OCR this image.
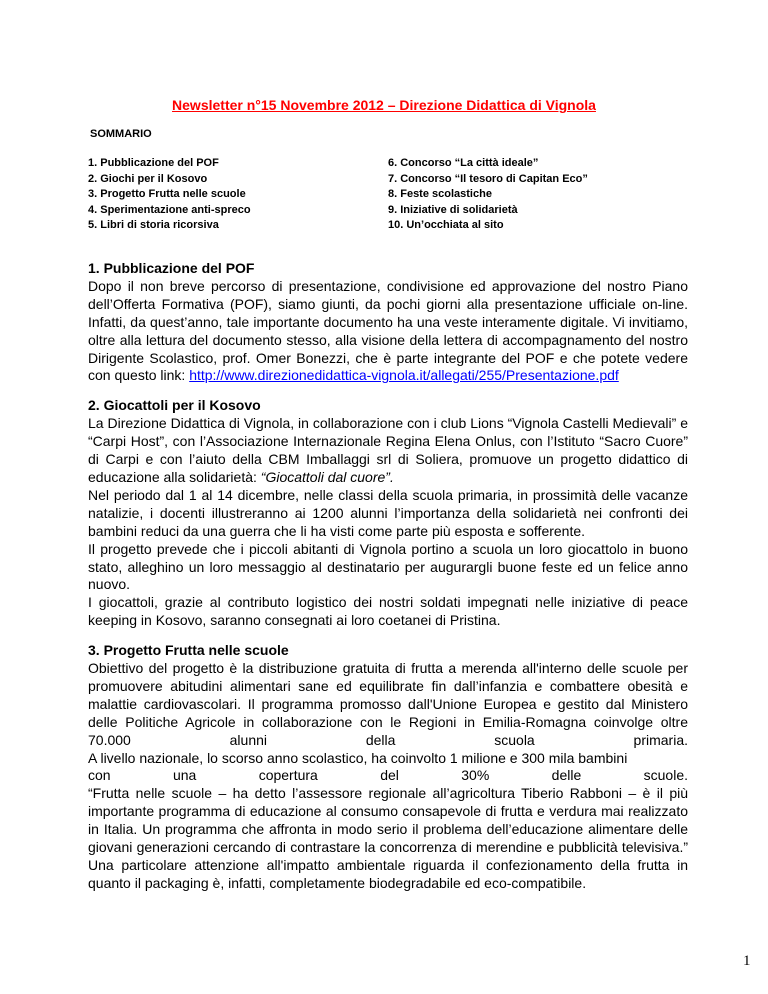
Newsletter n°15 Novembre 2012 – Direzione Didattica di Vignola
SOMMARIO
1. Pubblicazione del POF
2. Giochi per il Kosovo
3. Progetto Frutta nelle scuole
4. Sperimentazione anti-spreco
5. Libri di storia ricorsiva
6. Concorso “La città ideale”
7. Concorso “Il tesoro di Capitan Eco”
8. Feste scolastiche
9. Iniziative di solidarietà
10. Un’occhiata al sito
1. Pubblicazione del POF
Dopo il non breve percorso di presentazione, condivisione ed approvazione del nostro Piano dell’Offerta Formativa (POF), siamo giunti, da pochi giorni alla presentazione ufficiale on-line. Infatti, da quest’anno, tale importante documento ha una veste interamente digitale. Vi invitiamo, oltre alla lettura del documento stesso, alla visione della lettera di accompagnamento del nostro Dirigente Scolastico, prof. Omer Bonezzi, che è parte integrante del POF e che potete vedere con questo link: http://www.direzionedidattica-vignola.it/allegati/255/Presentazione.pdf
2. Giocattoli per il Kosovo
La Direzione Didattica di Vignola, in collaborazione con i club Lions “Vignola Castelli Medievali” e “Carpi Host”, con l’Associazione Internazionale Regina Elena Onlus, con l’Istituto “Sacro Cuore” di Carpi e con l’aiuto della CBM Imballaggi srl di Soliera, promuove un progetto didattico di educazione alla solidarietà: “Giocattoli dal cuore”.
Nel periodo dal 1 al 14 dicembre, nelle classi della scuola primaria, in prossimità delle vacanze natalizie, i docenti illustreranno ai 1200 alunni l’importanza della solidarietà nei confronti dei bambini reduci da una guerra che li ha visti come parte più esposta e sofferente.
Il progetto prevede che i piccoli abitanti di Vignola portino a scuola un loro giocattolo in buono stato, alleghino un loro messaggio al destinatario per augurargli buone feste ed un felice anno nuovo.
I giocattoli, grazie al contributo logistico dei nostri soldati impegnati nelle iniziative di peace keeping in Kosovo, saranno consegnati ai loro coetanei di Pristina.
3. Progetto Frutta nelle scuole
Obiettivo del progetto è la distribuzione gratuita di frutta a merenda all'interno delle scuole per promuovere abitudini alimentari sane ed equilibrate fin dall’infanzia e combattere obesità e malattie cardiovascolari. Il programma promosso dall'Unione Europea e gestito dal Ministero delle Politiche Agricole in collaborazione con le Regioni in Emilia-Romagna coinvolge oltre 70.000 alunni della scuola primaria.
A livello nazionale, lo scorso anno scolastico, ha coinvolto 1 milione e 300 mila bambini
con una copertura del 30% delle scuole.
“Frutta nelle scuole – ha detto l’assessore regionale all’agricoltura Tiberio Rabboni – è il più importante programma di educazione al consumo consapevole di frutta e verdura mai realizzato in Italia. Un programma che affronta in modo serio il problema dell’educazione alimentare delle giovani generazioni cercando di contrastare la concorrenza di merendine e pubblicità televisiva.” Una particolare attenzione all'impatto ambientale riguarda il confezionamento della frutta in quanto il packaging è, infatti, completamente biodegradabile ed eco-compatibile.
1
